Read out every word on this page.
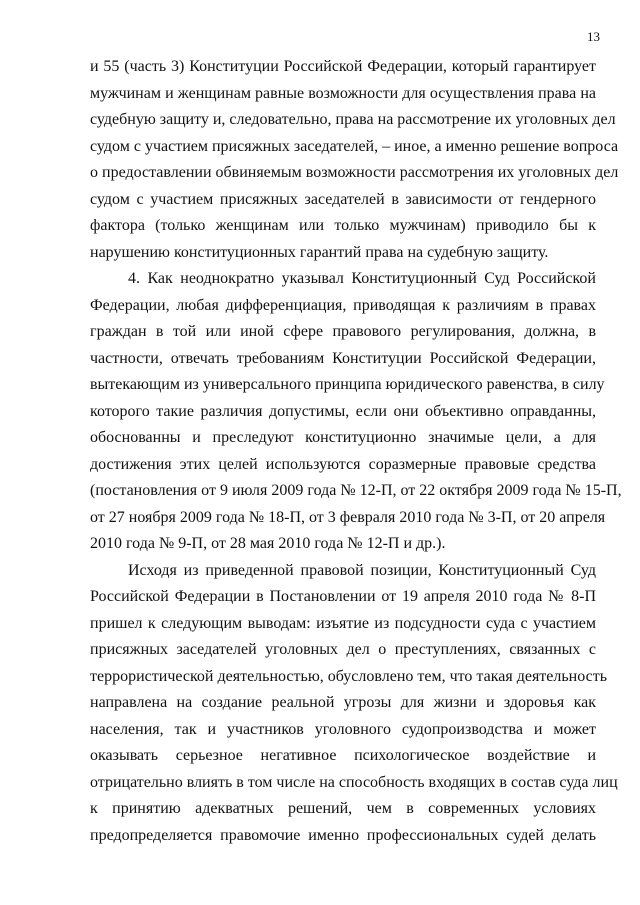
13

и 55 (часть 3) Конституции Российской Федерации, который гарантирует
мужчинам и женщинам равные возможности для осуществления права на
судебную защиту и, следовательно, права на рассмотрение их уголовных дел
судом с участием присяжных заседателей, – иное, а именно решение вопроса
о предоставлении обвиняемым возможности рассмотрения их уголовных дел
судом с участием присяжных заседателей в зависимости от гендерного
фактора (только женщинам или только мужчинам) приводило бы к
нарушению конституционных гарантий права на судебную защиту.

4. Как неоднократно указывал Конституционный Суд Российской
Федерации, любая дифференциация, приводящая к различиям в правах
граждан в той или иной сфере правового регулирования, должна, в
частности, отвечать требованиям Конституции Российской Федерации,
вытекающим из универсального принципа юридического равенства, в силу
которого такие различия допустимы, если они объективно оправданны,
обоснованны и преследуют конституционно значимые цели, а для
достижения этих целей используются соразмерные правовые средства
(постановления от 9 июля 2009 года № 12-П, от 22 октября 2009 года № 15-П,
от 27 ноября 2009 года № 18-П, от 3 февраля 2010 года № 3-П, от 20 апреля
2010 года № 9-П, от 28 мая 2010 года № 12-П и др.).

Исходя из приведенной правовой позиции, Конституционный Суд
Российской Федерации в Постановлении от 19 апреля 2010 года № 8-П
пришел к следующим выводам: изъятие из подсудности суда с участием
присяжных заседателей уголовных дел о преступлениях, связанных с
террористической деятельностью, обусловлено тем, что такая деятельность
направлена на создание реальной угрозы для жизни и здоровья как
населения, так и участников уголовного судопроизводства и может
оказывать серьезное негативное психологическое воздействие и
отрицательно влиять в том числе на способность входящих в состав суда лиц
к принятию адекватных решений, чем в современных условиях
предопределяется правомочие именно профессиональных судей делать
